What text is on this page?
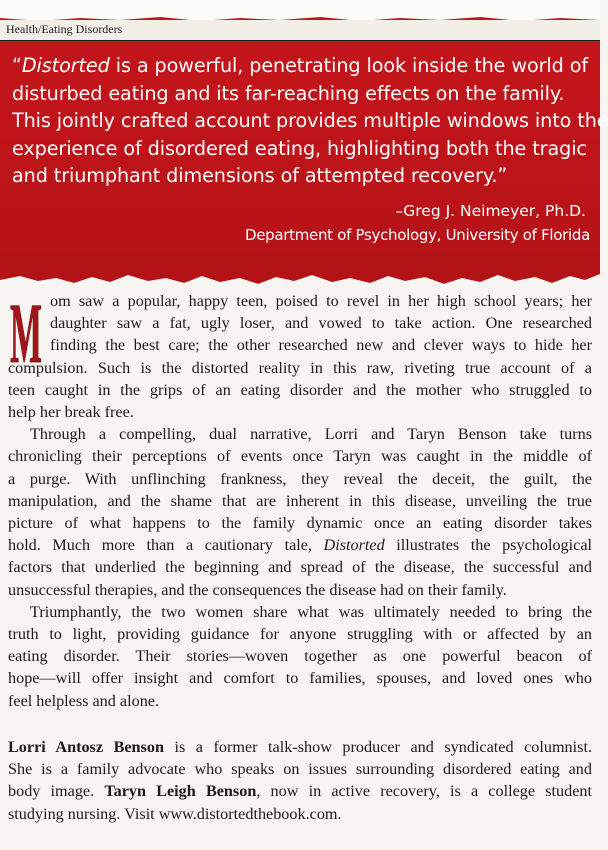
Health/Eating Disorders
“Distorted is a powerful, penetrating look inside the world of
disturbed eating and its far-reaching effects on the family.
This jointly crafted account provides multiple windows into the
experience of disordered eating, highlighting both the tragic
and triumphant dimensions of attempted recovery.”
–Greg J. Neimeyer, Ph.D.
Department of Psychology, University of Florida
M om saw a popular, happy teen, poised to revel in her high school years; her
daughter saw a fat, ugly loser, and vowed to take action. One researched
finding the best care; the other researched new and clever ways to hide her
compulsion. Such is the distorted reality in this raw, riveting true account of a
teen caught in the grips of an eating disorder and the mother who struggled to
help her break free.

Through a compelling, dual narrative, Lorri and Taryn Benson take turns
chronicling their perceptions of events once Taryn was caught in the middle of
a purge. With unflinching frankness, they reveal the deceit, the guilt, the
manipulation, and the shame that are inherent in this disease, unveiling the true
picture of what happens to the family dynamic once an eating disorder takes
hold. Much more than a cautionary tale, Distorted illustrates the psychological
factors that underlied the beginning and spread of the disease, the successful and
unsuccessful therapies, and the consequences the disease had on their family.

Triumphantly, the two women share what was ultimately needed to bring the
truth to light, providing guidance for anyone struggling with or affected by an
eating disorder. Their stories—woven together as one powerful beacon of
hope—will offer insight and comfort to families, spouses, and loved ones who
feel helpless and alone.

Lorri Antosz Benson is a former talk-show producer and syndicated columnist.
She is a family advocate who speaks on issues surrounding disordered eating and
body image. Taryn Leigh Benson, now in active recovery, is a college student
studying nursing. Visit www.distortedthebook.com.
